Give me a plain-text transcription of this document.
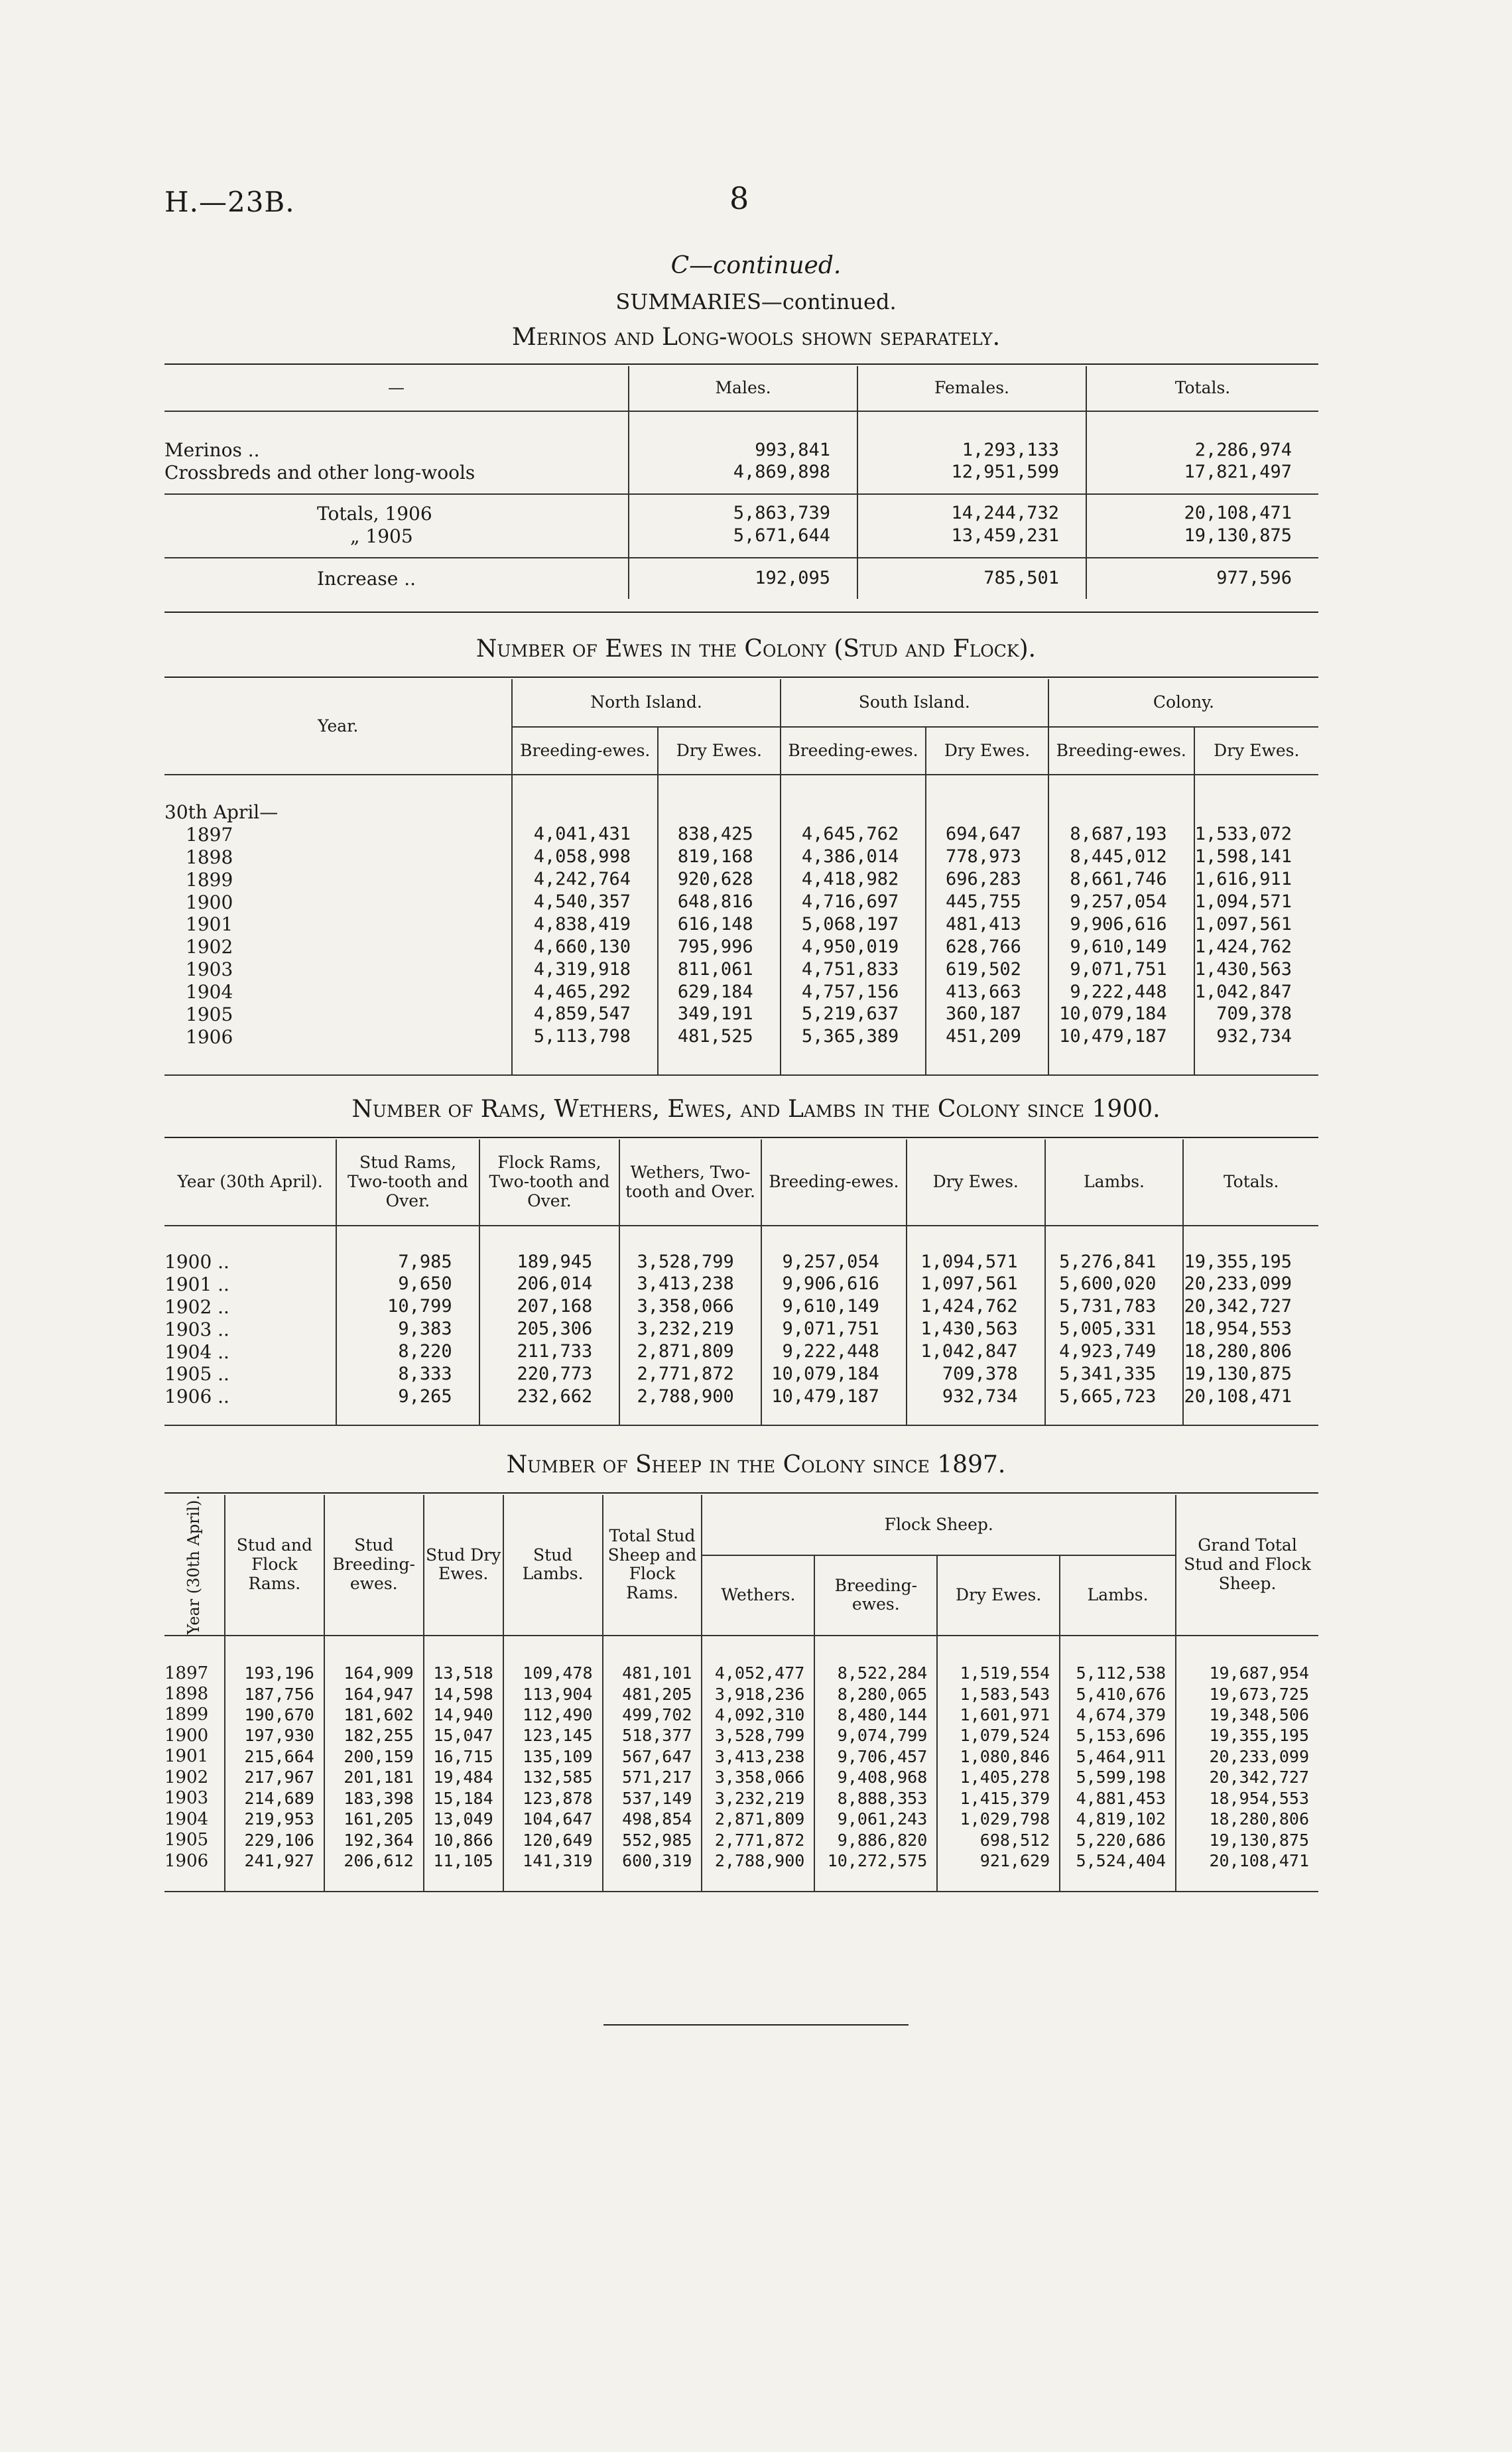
H.—23B.	8
C—continued.
SUMMARIES—continued.
Merinos and Long-wools shown separately.
—	Males.	Females.	Totals.

Merinos ..	993,841	1,293,133	2,286,974
Crossbreds and other long-wools	4,869,898	12,951,599	17,821,497
Totals, 1906	5,863,739	14,244,732	20,108,471
„ 1905	5,671,644	13,459,231	19,130,875
Increase ..	192,095	785,501	977,596
Number of Ewes in the Colony (Stud and Flock).
Year.	North Island.		South Island.		Colony.	
	Breeding-ewes.	Dry Ewes.	Breeding-ewes.	Dry Ewes.	Breeding-ewes.	Dry Ewes.

30th April—						
1897	4,041,431	838,425	4,645,762	694,647	8,687,193	1,533,072
1898	4,058,998	819,168	4,386,014	778,973	8,445,012	1,598,141
1899	4,242,764	920,628	4,418,982	696,283	8,661,746	1,616,911
1900	4,540,357	648,816	4,716,697	445,755	9,257,054	1,094,571
1901	4,838,419	616,148	5,068,197	481,413	9,906,616	1,097,561
1902	4,660,130	795,996	4,950,019	628,766	9,610,149	1,424,762
1903	4,319,918	811,061	4,751,833	619,502	9,071,751	1,430,563
1904	4,465,292	629,184	4,757,156	413,663	9,222,448	1,042,847
1905	4,859,547	349,191	5,219,637	360,187	10,079,184	709,378
1906	5,113,798	481,525	5,365,389	451,209	10,479,187	932,734

Number of Rams, Wethers, Ewes, and Lambs in the Colony since 1900.
Year (30th April).	Stud Rams, Two-tooth and Over.	Flock Rams, Two-tooth and Over.	Wethers, Two-tooth and Over.	Breeding-ewes.	Dry Ewes.	Lambs.	Totals.

1900 ..	7,985	189,945	3,528,799	9,257,054	1,094,571	5,276,841	19,355,195
1901 ..	9,650	206,014	3,413,238	9,906,616	1,097,561	5,600,020	20,233,099
1902 ..	10,799	207,168	3,358,066	9,610,149	1,424,762	5,731,783	20,342,727
1903 ..	9,383	205,306	3,232,219	9,071,751	1,430,563	5,005,331	18,954,553
1904 ..	8,220	211,733	2,871,809	9,222,448	1,042,847	4,923,749	18,280,806
1905 ..	8,333	220,773	2,771,872	10,079,184	709,378	5,341,335	19,130,875
1906 ..	9,265	232,662	2,788,900	10,479,187	932,734	5,665,723	20,108,471

Number of Sheep in the Colony since 1897.
Year (30th April).	Stud and Flock Rams.	Stud Breeding-ewes.	Stud Dry Ewes.	Stud Lambs.	Total Stud Sheep and Flock Rams.	Flock Sheep.				Grand Total Stud and Flock Sheep.
						Wethers.	Breeding-ewes.	Dry Ewes.	Lambs.	

1897	193,196	164,909	13,518	109,478	481,101	4,052,477	8,522,284	1,519,554	5,112,538	19,687,954
1898	187,756	164,947	14,598	113,904	481,205	3,918,236	8,280,065	1,583,543	5,410,676	19,673,725
1899	190,670	181,602	14,940	112,490	499,702	4,092,310	8,480,144	1,601,971	4,674,379	19,348,506
1900	197,930	182,255	15,047	123,145	518,377	3,528,799	9,074,799	1,079,524	5,153,696	19,355,195
1901	215,664	200,159	16,715	135,109	567,647	3,413,238	9,706,457	1,080,846	5,464,911	20,233,099
1902	217,967	201,181	19,484	132,585	571,217	3,358,066	9,408,968	1,405,278	5,599,198	20,342,727
1903	214,689	183,398	15,184	123,878	537,149	3,232,219	8,888,353	1,415,379	4,881,453	18,954,553
1904	219,953	161,205	13,049	104,647	498,854	2,871,809	9,061,243	1,029,798	4,819,102	18,280,806
1905	229,106	192,364	10,866	120,649	552,985	2,771,872	9,886,820	698,512	5,220,686	19,130,875
1906	241,927	206,612	11,105	141,319	600,319	2,788,900	10,272,575	921,629	5,524,404	20,108,471
